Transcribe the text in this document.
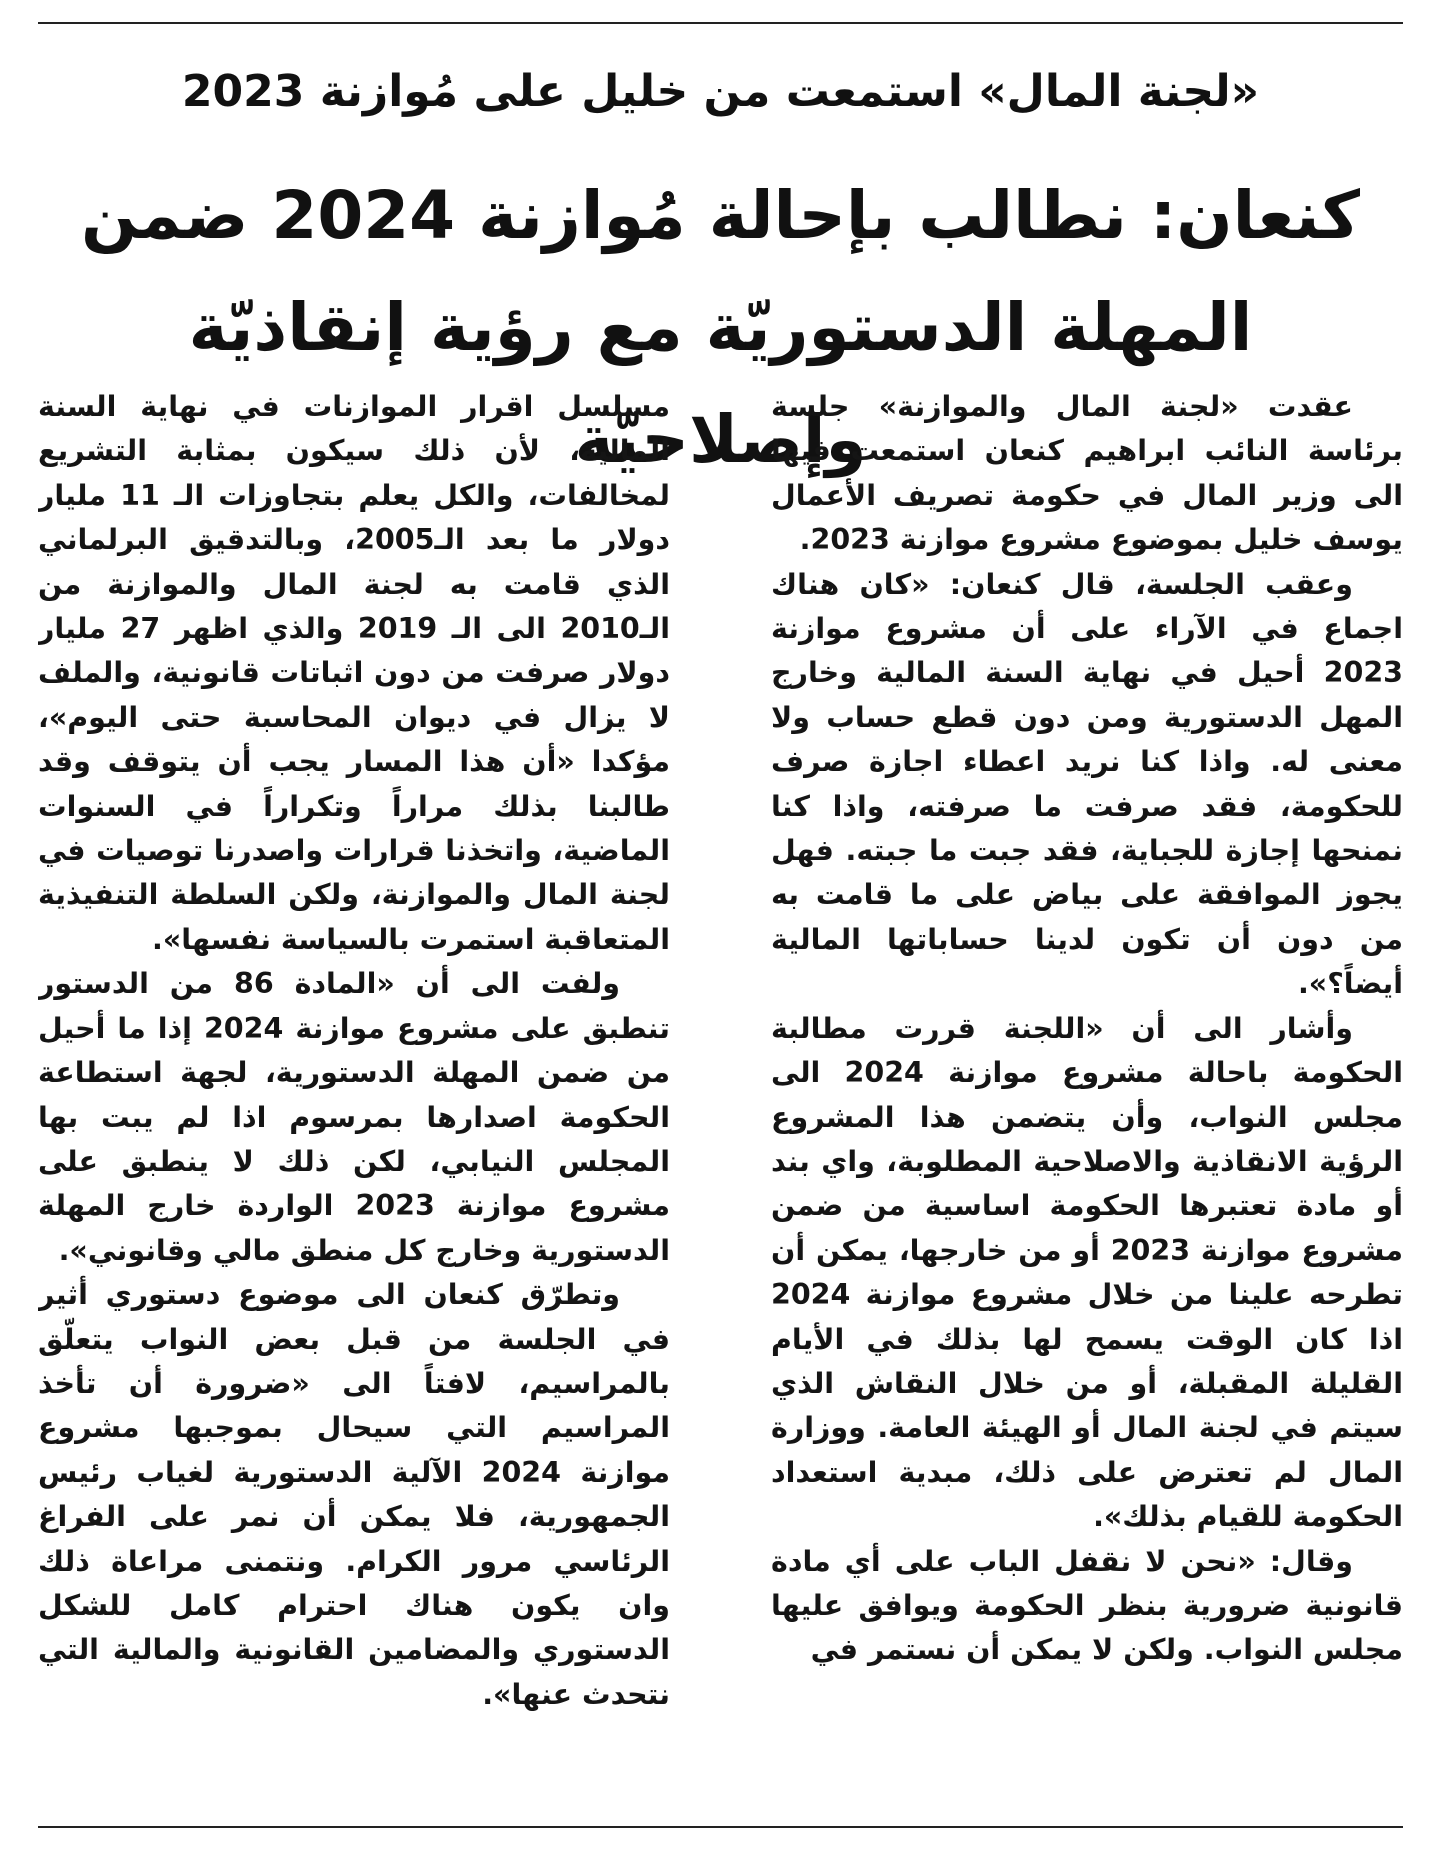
«لجنة المال» استمعت من خليل على مُوازنة 2023
كنعان: نطالب بإحالة مُوازنة 2024 ضمن
المهلة الدستوريّة مع رؤية إنقاذيّة وإصلاحيّة

عقدت «لجنة المال والموازنة» جلسة برئاسة النائب ابراهيم كنعان استمعت فيها الى وزير المال في حكومة تصريف الأعمال يوسف خليل بموضوع مشروع موازنة 2023.

وعقب الجلسة، قال كنعان: «كان هناك اجماع في الآراء على أن مشروع موازنة 2023 أحيل في نهاية السنة المالية وخارج المهل الدستورية ومن دون قطع حساب ولا معنى له. واذا كنا نريد اعطاء اجازة صرف للحكومة، فقد صرفت ما صرفته، واذا كنا نمنحها إجازة للجباية، فقد جبت ما جبته. فهل يجوز الموافقة على بياض على ما قامت به من دون أن تكون لدينا حساباتها المالية أيضاً؟».

وأشار الى أن «اللجنة قررت مطالبة الحكومة باحالة مشروع موازنة 2024 الى مجلس النواب، وأن يتضمن هذا المشروع الرؤية الانقاذية والاصلاحية المطلوبة، واي بند أو مادة تعتبرها الحكومة اساسية من ضمن مشروع موازنة 2023 أو من خارجها، يمكن أن تطرحه علينا من خلال مشروع موازنة 2024 اذا كان الوقت يسمح لها بذلك في الأيام القليلة المقبلة، أو من خلال النقاش الذي سيتم في لجنة المال أو الهيئة العامة. ووزارة المال لم تعترض على ذلك، مبدية استعداد الحكومة للقيام بذلك».

وقال: «نحن لا نقفل الباب على أي مادة قانونية ضرورية بنظر الحكومة ويوافق عليها مجلس النواب. ولكن لا يمكن أن نستمر في

مسلسل اقرار الموازنات في نهاية السنة المالية، لأن ذلك سيكون بمثابة التشريع لمخالفات، والكل يعلم بتجاوزات الـ 11 مليار دولار ما بعد الـ2005، وبالتدقيق البرلماني الذي قامت به لجنة المال والموازنة من الـ2010 الى الـ 2019 والذي اظهر 27 مليار دولار صرفت من دون اثباتات قانونية، والملف لا يزال في ديوان المحاسبة حتى اليوم»، مؤكدا «أن هذا المسار يجب أن يتوقف وقد طالبنا بذلك مراراً وتكراراً في السنوات الماضية، واتخذنا قرارات واصدرنا توصيات في لجنة المال والموازنة، ولكن السلطة التنفيذية المتعاقبة استمرت بالسياسة نفسها».

ولفت الى أن «المادة 86 من الدستور تنطبق على مشروع موازنة 2024 إذا ما أحيل من ضمن المهلة الدستورية، لجهة استطاعة الحكومة اصدارها بمرسوم اذا لم يبت بها المجلس النيابي، لكن ذلك لا ينطبق على مشروع موازنة 2023 الواردة خارج المهلة الدستورية وخارج كل منطق مالي وقانوني».

وتطرّق كنعان الى موضوع دستوري أثير في الجلسة من قبل بعض النواب يتعلّق بالمراسيم، لافتاً الى «ضرورة أن تأخذ المراسيم التي سيحال بموجبها مشروع موازنة 2024 الآلية الدستورية لغياب رئيس الجمهورية، فلا يمكن أن نمر على الفراغ الرئاسي مرور الكرام. ونتمنى مراعاة ذلك وان يكون هناك احترام كامل للشكل الدستوري والمضامين القانونية والمالية التي نتحدث عنها».
